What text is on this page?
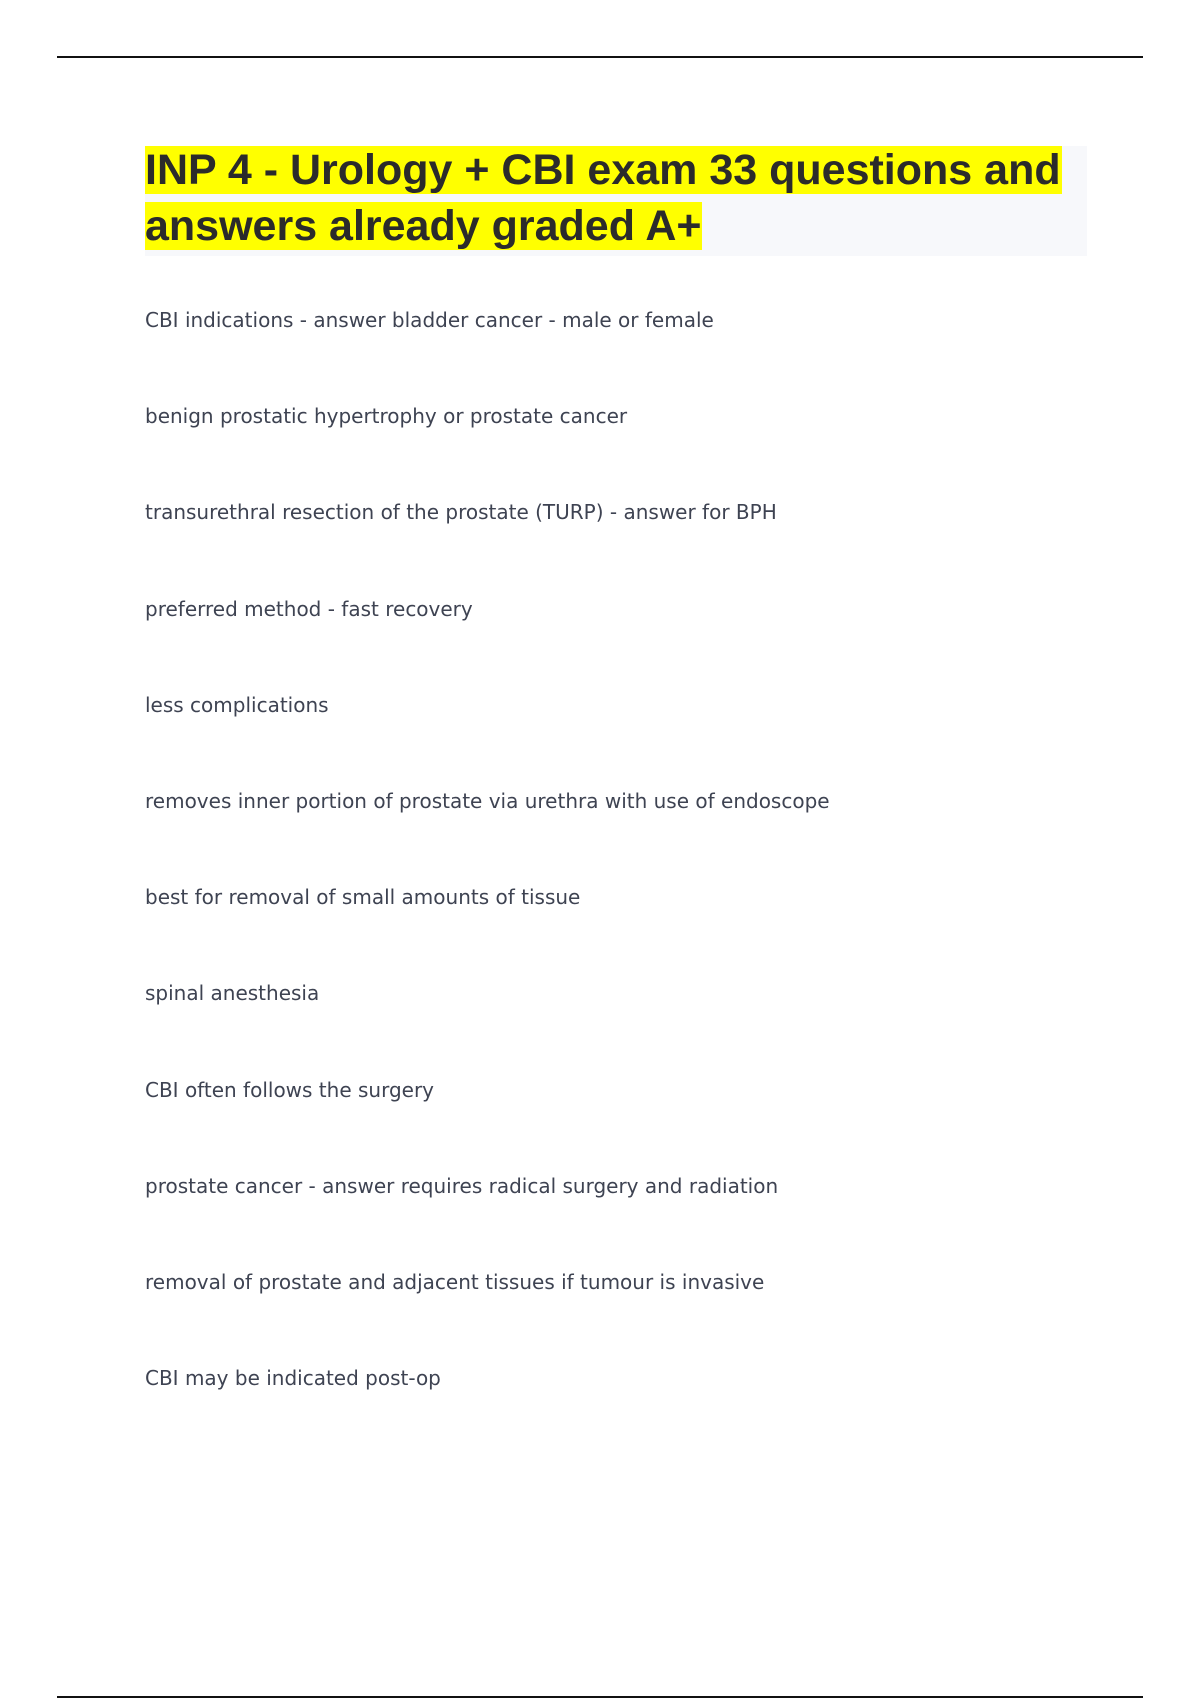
INP 4 - Urology + CBI exam 33 questions and answers already graded A+
CBI indications - answer bladder cancer - male or female
benign prostatic hypertrophy or prostate cancer
transurethral resection of the prostate (TURP) - answer for BPH
preferred method - fast recovery
less complications
removes inner portion of prostate via urethra with use of endoscope
best for removal of small amounts of tissue
spinal anesthesia
CBI often follows the surgery
prostate cancer - answer requires radical surgery and radiation
removal of prostate and adjacent tissues if tumour is invasive
CBI may be indicated post-op
